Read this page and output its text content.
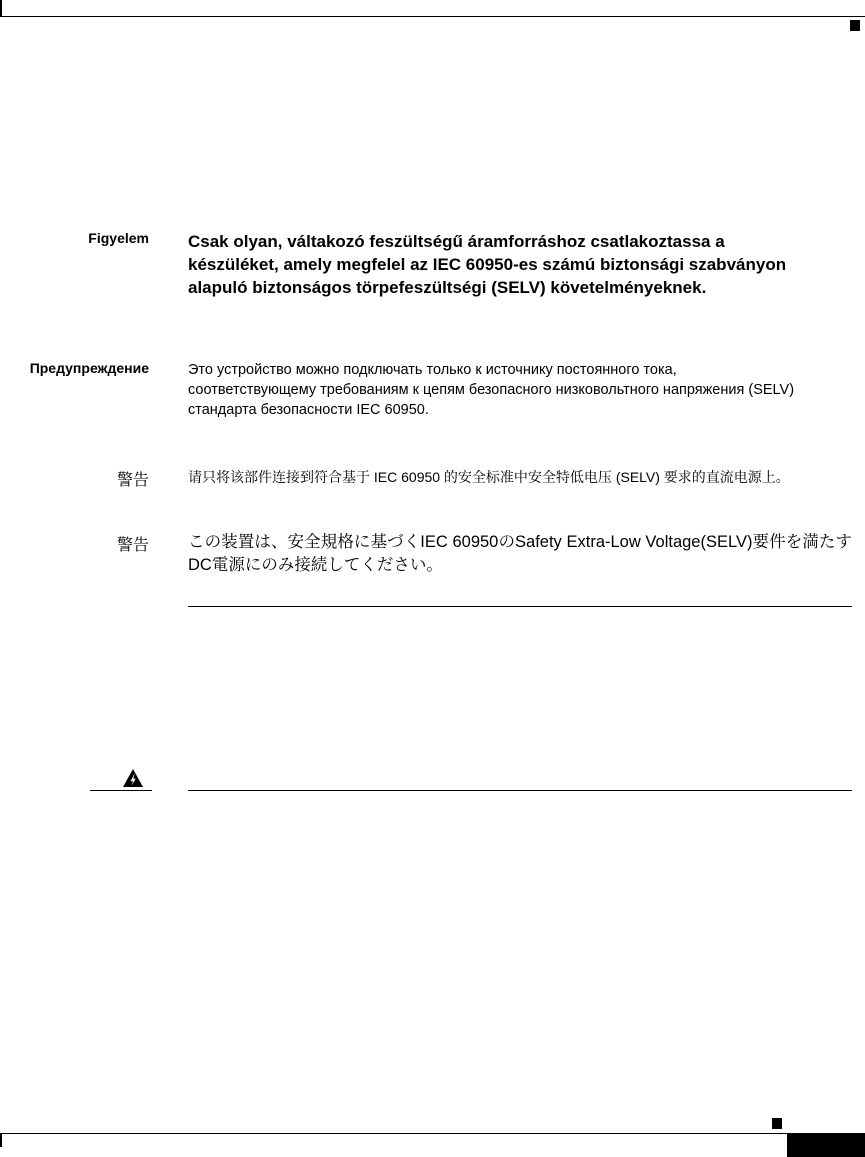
Figyelem Csak olyan, váltakozó feszültségű áramforráshoz csatlakoztassa a készüléket, amely megfelel az IEC 60950-es számú biztonsági szabványon alapuló biztonságos törpefeszültségi (SELV) követelményeknek.
Предупреждение	Это устройство можно подключать только к источнику постоянного тока, соответствующему требованиям к цепям безопасного низковольтного напряжения (SELV) стандарта безопасности IEC 60950.
警告	请只将该部件连接到符合基于 IEC 60950 的安全标准中安全特低电压 (SELV) 要求的直流电源上。
警告 この装置は、安全規格に基づくIEC 60950のSafety Extra-Low Voltage(SELV)要件を満たすDC電源にのみ接続してください。
